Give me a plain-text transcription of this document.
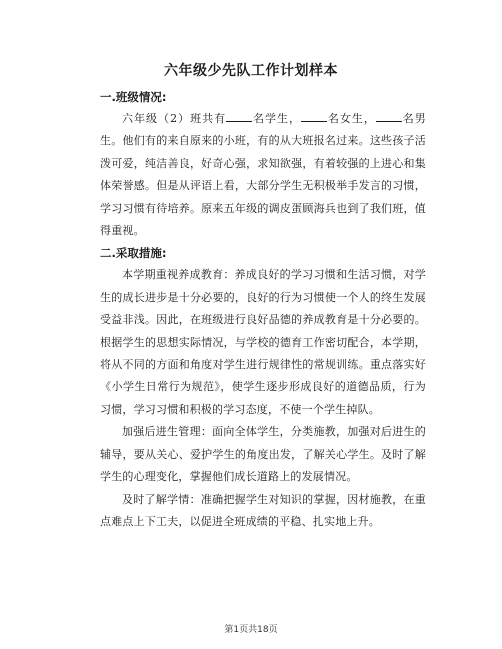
六年级少先队工作计划样本

一.班级情况:

六年级（2）班共有 名学生， 名女生， 名男生。他们有的来自原来的小班，有的从大班报名过来。这些孩子活泼可爱，纯洁善良，好奇心强，求知欲强，有着较强的上进心和集体荣誉感。但是从评语上看，大部分学生无积极举手发言的习惯，学习习惯有待培养。原来五年级的调皮蛋顾海兵也到了我们班，值得重视。

二.采取措施:

本学期重视养成教育：养成良好的学习习惯和生活习惯，对学生的成长进步是十分必要的，良好的行为习惯使一个人的终生发展受益非浅。因此，在班级进行良好品德的养成教育是十分必要的。根据学生的思想实际情况，与学校的德育工作密切配合，本学期，将从不同的方面和角度对学生进行规律性的常规训练。重点落实好《小学生日常行为规范》，使学生逐步形成良好的道德品质，行为习惯，学习习惯和积极的学习态度，不使一个学生掉队。

加强后进生管理：面向全体学生，分类施教，加强对后进生的辅导，要从关心、爱护学生的角度出发，了解关心学生。及时了解学生的心理变化，掌握他们成长道路上的发展情况。

及时了解学情：准确把握学生对知识的掌握，因材施教，在重点难点上下工夫，以促进全班成绩的平稳、扎实地上升。

第1页共18页
